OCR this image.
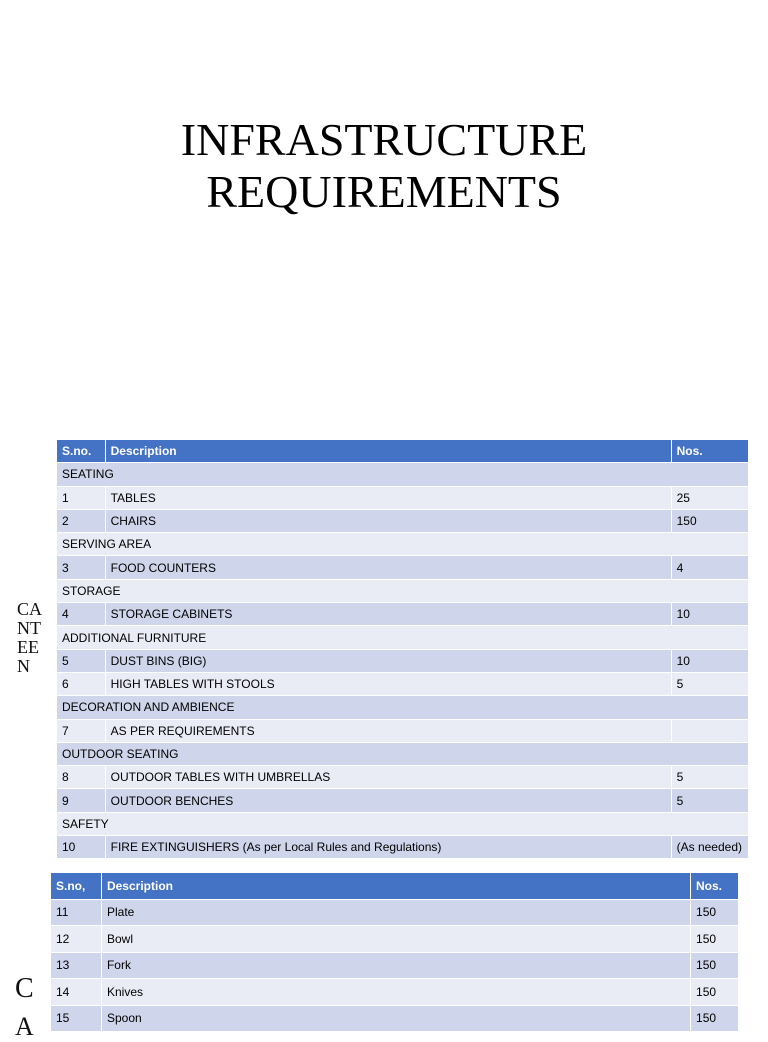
INFRASTRUCTURE
REQUIREMENTS
CA
NT
EE
N
S.no.	Description	Nos.
SEATING		
1	TABLES	25
2	CHAIRS	150
SERVING AREA		
3	FOOD COUNTERS	4
STORAGE		
4	STORAGE CABINETS	10
ADDITIONAL FURNITURE		
5	DUST BINS (BIG)	10
6	HIGH TABLES WITH STOOLS	5
DECORATION AND AMBIENCE		
7	AS PER REQUIREMENTS	
OUTDOOR SEATING		
8	OUTDOOR TABLES WITH UMBRELLAS	5
9	OUTDOOR BENCHES	5
SAFETY		
10	FIRE EXTINGUISHERS (As per Local Rules and Regulations)	(As needed)
S.no,	Description	Nos.
11	Plate	150
12	Bowl	150
13	Fork	150
14	Knives	150
15	Spoon	150
C
A
